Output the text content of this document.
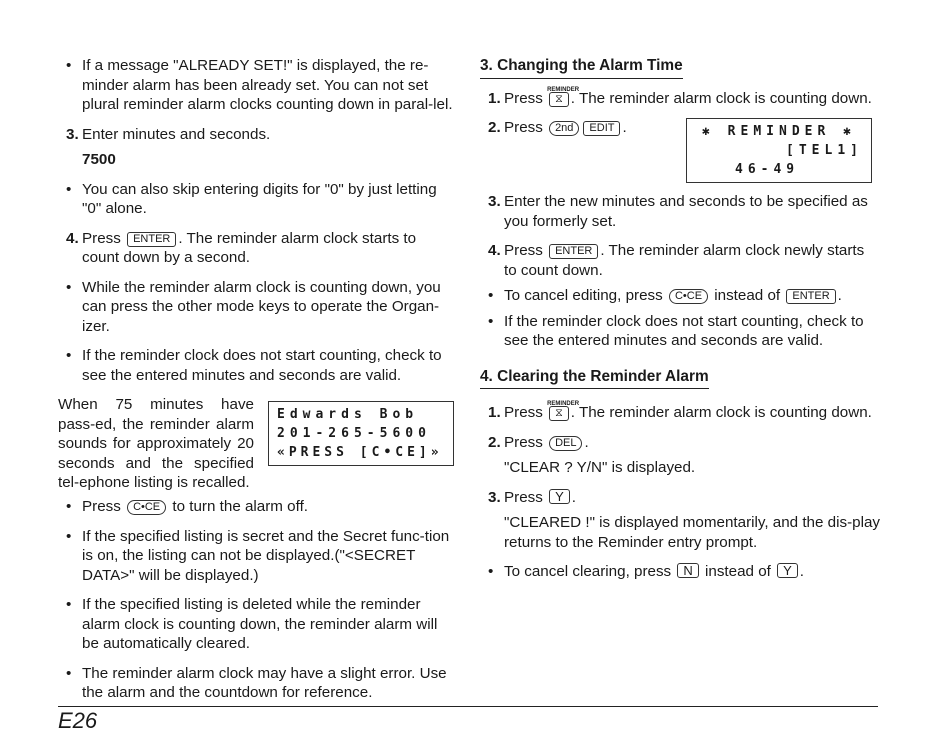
• If a message "ALREADY SET!" is displayed, the re-minder alarm has been already set. You can not set plural reminder alarm clocks counting down in paral-lel.
3. Enter minutes and seconds.
7500
• You can also skip entering digits for "0" by just letting "0" alone.
4. Press ENTER . The reminder alarm clock starts to count down by a second.
• While the reminder alarm clock is counting down, you can press the other mode keys to operate the Organ-izer.
• If the reminder clock does not start counting, check to see the entered minutes and seconds are valid.
When 75 minutes have pass-ed, the reminder alarm sounds for approximately 20 seconds and the specified tel-ephone listing is recalled.
Edwards Bob
201-265-5600
«PRESS [C•CE]»
• Press C•CE to turn the alarm off.
• If the specified listing is secret and the Secret func-tion is on, the listing can not be displayed.("<SECRET DATA>" will be displayed.)
• If the specified listing is deleted while the reminder alarm clock is counting down, the reminder alarm will be automatically cleared.
• The reminder alarm clock may have a slight error. Use the alarm and the countdown for reference.
3. Changing the Alarm Time
1. Press REMINDER
⧖ . The reminder alarm clock is counting down.
2. Press 2nd EDIT .	✱ REMINDER ✱
[TEL1]
46-49
3. Enter the new minutes and seconds to be specified as you formerly set.
4. Press ENTER . The reminder alarm clock newly starts to count down.
• To cancel editing, press C•CE instead of ENTER .
• If the reminder clock does not start counting, check to see the entered minutes and seconds are valid.
4. Clearing the Reminder Alarm
1. Press REMINDER
⧖ . The reminder alarm clock is counting down.
2. Press DEL .
"CLEAR ? Y/N" is displayed.
3. Press Y .
"CLEARED !" is displayed momentarily, and the dis-play returns to the Reminder entry prompt.
• To cancel clearing, press N instead of Y .
E26
